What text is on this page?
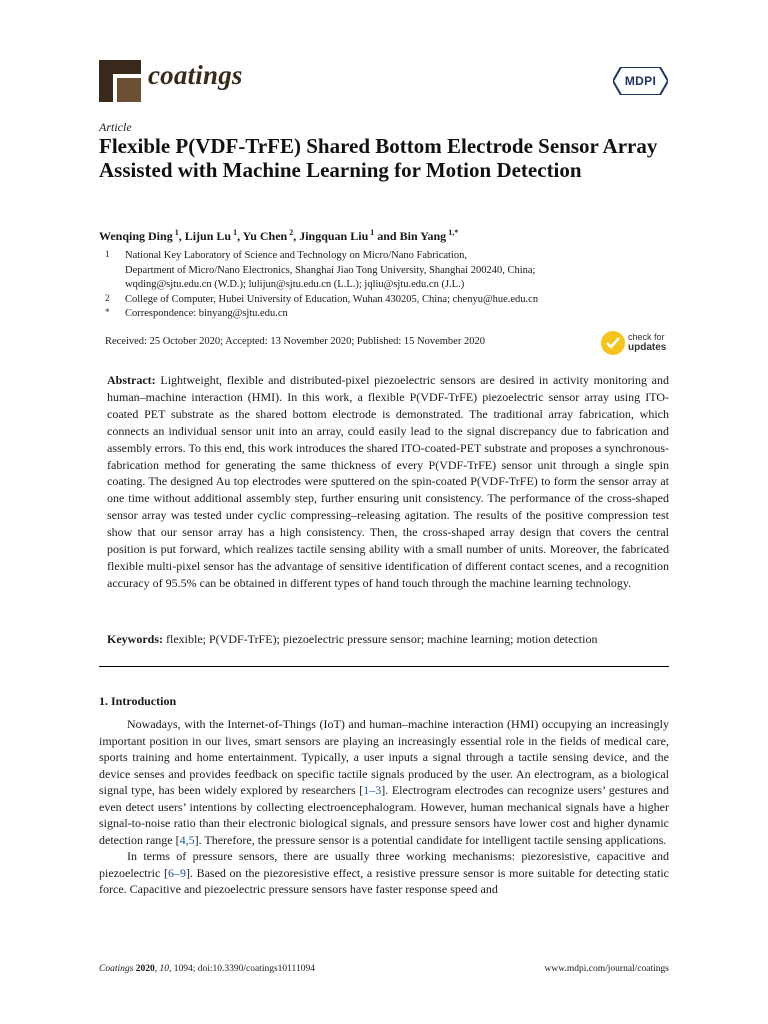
coatings	MDPI
Article
Flexible P(VDF-TrFE) Shared Bottom Electrode Sensor Array Assisted with Machine Learning for Motion Detection
Wenqing Ding $^1$, Lijun Lu $^1$, Yu Chen $^2$, Jingquan Liu $^1$ and Bin Yang $^{1,*}$
1 National Key Laboratory of Science and Technology on Micro/Nano Fabrication,
Department of Micro/Nano Electronics, Shanghai Jiao Tong University, Shanghai 200240, China;
wqding@sjtu.edu.cn (W.D.); lulijun@sjtu.edu.cn (L.L.); jqliu@sjtu.edu.cn (J.L.)
2 College of Computer, Hubei University of Education, Wuhan 430205, China; chenyu@hue.edu.cn
* Correspondence: binyang@sjtu.edu.cn
Received: 25 October 2020; Accepted: 13 November 2020; Published: 15 November 2020	check for
updates
Abstract: Lightweight, flexible and distributed-pixel piezoelectric sensors are desired in activity monitoring and human–machine interaction (HMI). In this work, a flexible P(VDF-TrFE) piezoelectric sensor array using ITO-coated PET substrate as the shared bottom electrode is demonstrated. The traditional array fabrication, which connects an individual sensor unit into an array, could easily lead to the signal discrepancy due to fabrication and assembly errors. To this end, this work introduces the shared ITO-coated-PET substrate and proposes a synchronous-fabrication method for generating the same thickness of every P(VDF-TrFE) sensor unit through a single spin coating. The designed Au top electrodes were sputtered on the spin-coated P(VDF-TrFE) to form the sensor array at one time without additional assembly step, further ensuring unit consistency. The performance of the cross-shaped sensor array was tested under cyclic compressing–releasing agitation. The results of the positive compression test show that our sensor array has a high consistency. Then, the cross-shaped array design that covers the central position is put forward, which realizes tactile sensing ability with a small number of units. Moreover, the fabricated flexible multi-pixel sensor has the advantage of sensitive identification of different contact scenes, and a recognition accuracy of 95.5% can be obtained in different types of hand touch through the machine learning technology.
Keywords: flexible; P(VDF-TrFE); piezoelectric pressure sensor; machine learning; motion detection
1. Introduction

Nowadays, with the Internet-of-Things (IoT) and human–machine interaction (HMI) occupying an increasingly important position in our lives, smart sensors are playing an increasingly essential role in the fields of medical care, sports training and home entertainment. Typically, a user inputs a signal through a tactile sensing device, and the device senses and provides feedback on specific tactile signals produced by the user. An electrogram, as a biological signal type, has been widely explored by researchers [1–3]. Electrogram electrodes can recognize users’ gestures and even detect users’ intentions by collecting electroencephalogram. However, human mechanical signals have a higher signal-to-noise ratio than their electronic biological signals, and pressure sensors have lower cost and higher dynamic detection range [4,5]. Therefore, the pressure sensor is a potential candidate for intelligent tactile sensing applications.

In terms of pressure sensors, there are usually three working mechanisms: piezoresistive, capacitive and piezoelectric [6–9]. Based on the piezoresistive effect, a resistive pressure sensor is more suitable for detecting static force. Capacitive and piezoelectric pressure sensors have faster response speed and

Coatings 2020, 10, 1094; doi:10.3390/coatings10111094	www.mdpi.com/journal/coatings
